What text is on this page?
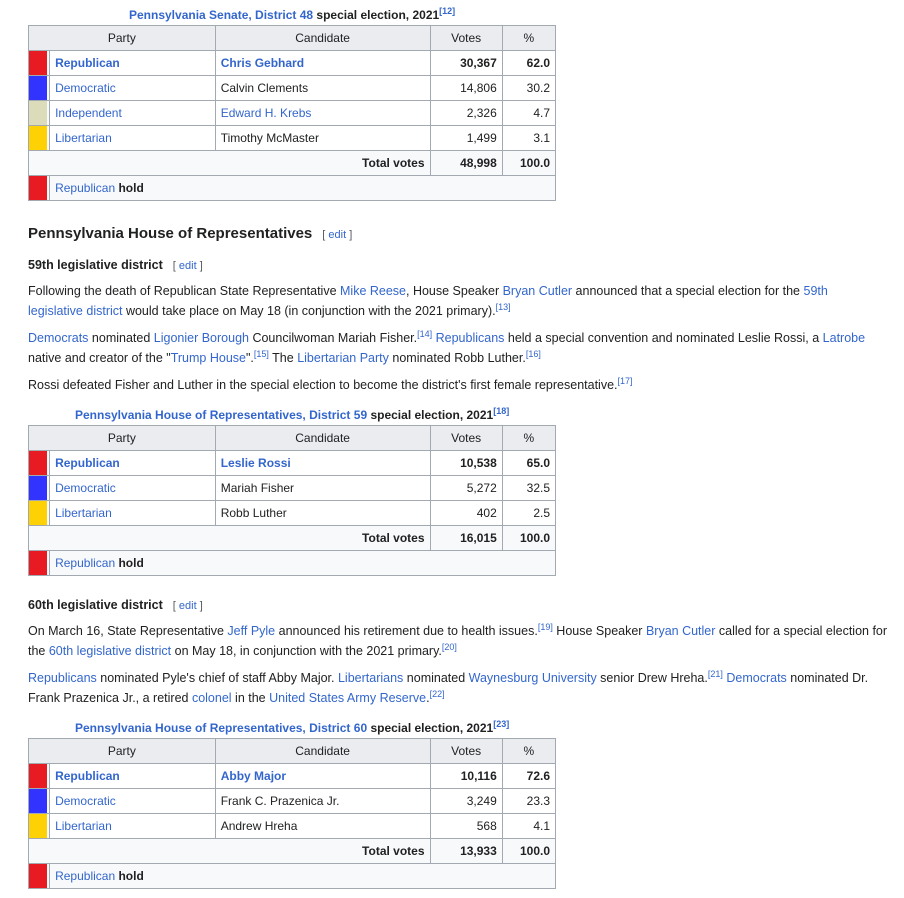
Pennsylvania Senate, District 48 special election, 2021[12]
Party		Candidate	Votes	%

	Republican	Chris Gebhard	30,367	62.0

	Democratic	Calvin Clements	14,806	30.2

	Independent	Edward H. Krebs	2,326	4.7

	Libertarian	Timothy McMaster	1,499	3.1
Total votes			48,998	100.0

	Republican hold			
Pennsylvania House of Representatives [ edit ]
59th legislative district [ edit ]

Following the death of Republican State Representative Mike Reese, House Speaker Bryan Cutler announced that a special election for the 59th legislative district would take place on May 18 (in conjunction with the 2021 primary).[13]

Democrats nominated Ligonier Borough Councilwoman Mariah Fisher.[14] Republicans held a special convention and nominated Leslie Rossi, a Latrobe native and creator of the "Trump House".[15] The Libertarian Party nominated Robb Luther.[16]

Rossi defeated Fisher and Luther in the special election to become the district's first female representative.[17]

Pennsylvania House of Representatives, District 59 special election, 2021[18]
Party		Candidate	Votes	%

	Republican	Leslie Rossi	10,538	65.0

	Democratic	Mariah Fisher	5,272	32.5

	Libertarian	Robb Luther	402	2.5
Total votes			16,015	100.0

	Republican hold			
60th legislative district [ edit ]

On March 16, State Representative Jeff Pyle announced his retirement due to health issues.[19] House Speaker Bryan Cutler called for a special election for the 60th legislative district on May 18, in conjunction with the 2021 primary.[20]

Republicans nominated Pyle's chief of staff Abby Major. Libertarians nominated Waynesburg University senior Drew Hreha.[21] Democrats nominated Dr. Frank Prazenica Jr., a retired colonel in the United States Army Reserve.[22]

Pennsylvania House of Representatives, District 60 special election, 2021[23]
Party		Candidate	Votes	%

	Republican	Abby Major	10,116	72.6

	Democratic	Frank C. Prazenica Jr.	3,249	23.3

	Libertarian	Andrew Hreha	568	4.1
Total votes			13,933	100.0

	Republican hold			
